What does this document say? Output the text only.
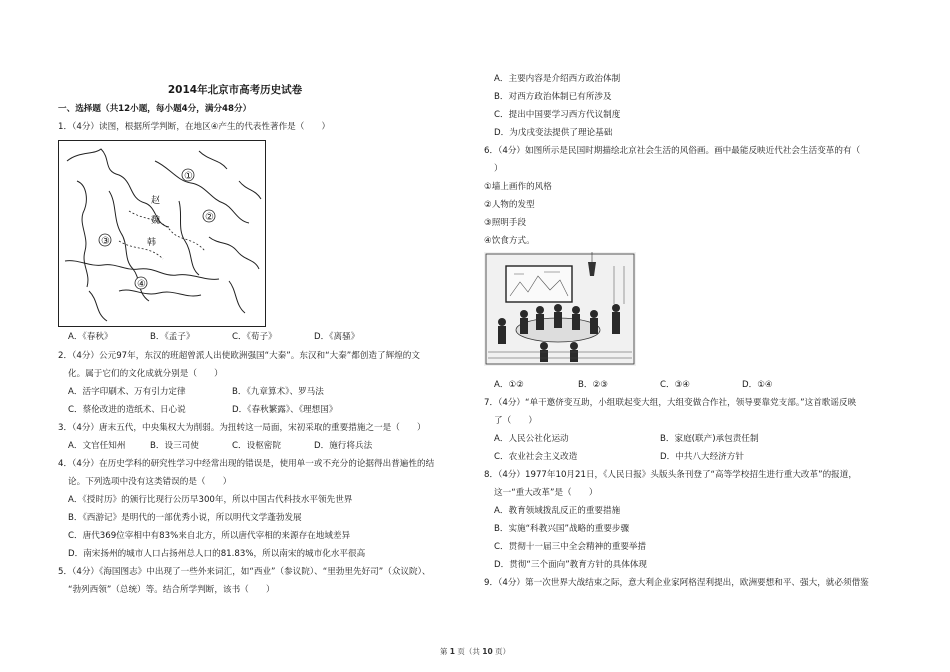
2014年北京市高考历史试卷
一、选择题（共12小题，每小题4分，满分48分）
1．（4分）读图，根据所学判断，在地区④产生的代表性著作是（　　）
①
②
③
④
赵
魏
韩
A．《春秋》	B．《孟子》	C．《荀子》	D．《离骚》
2．（4分）公元97年，东汉的班超曾派人出使欧洲强国“大秦”。东汉和“大秦”都创造了辉煌的文
化。属于它们的文化成就分别是（　　）
A．活字印刷术、万有引力定律	B．《九章算术》、罗马法
C．蔡伦改进的造纸术、日心说	D．《春秋繁露》、《理想国》
3．（4分）唐末五代，中央集权大为削弱。为扭转这一局面，宋初采取的重要措施之一是（　　）
A．文官任知州	B．设三司使	C．设枢密院	D．施行将兵法
4．（4分）在历史学科的研究性学习中经常出现的错误是，使用单一或不充分的论据得出普遍性的结
论。下列选项中没有这类错误的是（　　）
A．《授时历》的颁行比现行公历早300年，所以中国古代科技水平领先世界
B．《西游记》是明代的一部优秀小说，所以明代文学蓬勃发展
C．唐代369位宰相中有83%来自北方，所以唐代宰相的来源存在地域差异
D．南宋扬州的城市人口占扬州总人口的81.83%，所以南宋的城市化水平很高
5．（4分）《海国图志》中出现了一些外来词汇，如“西业”（参议院）、“里勃里先好司”（众议院）、
“勃列西领”（总统）等。结合所学判断，该书（　　）
A．主要内容是介绍西方政治体制
B．对西方政治体制已有所涉及
C．提出中国要学习西方代议制度
D．为戊戌变法提供了理论基础
6．（4分）如图所示是民国时期描绘北京社会生活的风俗画。画中最能反映近代社会生活变革的有（
）
①墙上画作的风格
②人物的发型
③照明手段
④饮食方式。
A．①②	B．②③	C．③④	D．①④
7．（4分）“单干邀侪变互助，小组联起变大组，大组变做合作社，领导要靠党支部。”这首歌谣反映
了（　　）
A．人民公社化运动	B．家庭(联产)承包责任制
C．农业社会主义改造	D．中共八大经济方针
8．（4分）1977年10月21日，《人民日报》头版头条刊登了“高等学校招生进行重大改革”的报道，
这一“重大改革”是（　　）
A．教育领域拨乱反正的重要措施
B．实施“科教兴国”战略的重要步骤
C．贯彻十一届三中全会精神的重要举措
D．贯彻“三个面向”教育方针的具体体现
9．（4分）第一次世界大战结束之际，意大利企业家阿格涅利提出，欧洲要想和平、强大，就必须借鉴
第 1 页（共 10 页）
